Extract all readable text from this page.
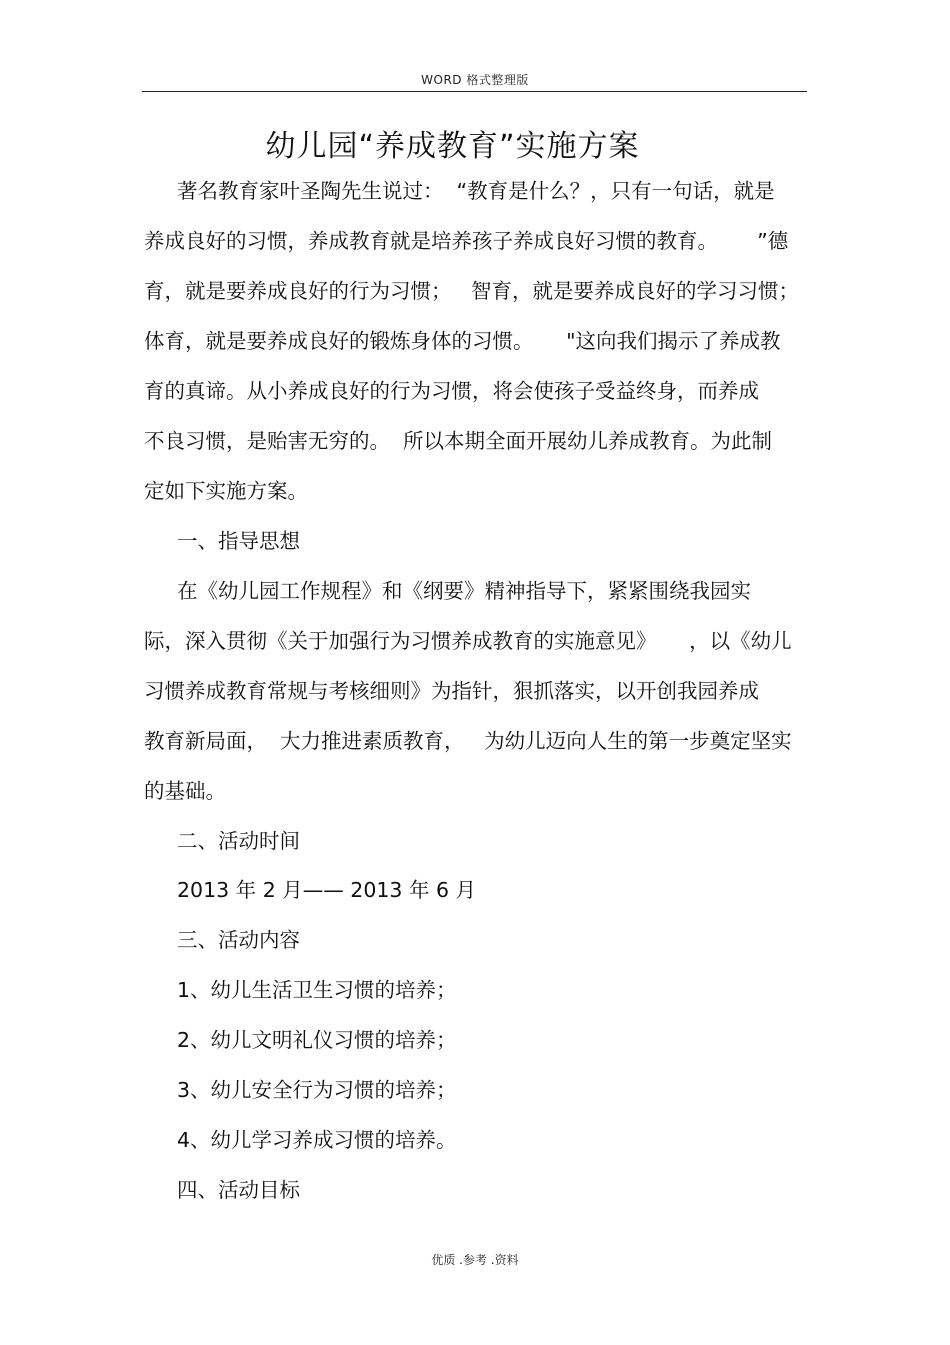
WORD 格式整理版
幼儿园“养成教育”实施方案
著名教育家叶圣陶先生说过：  “教育是什么？，只有一句话，就是
养成良好的习惯，养成教育就是培养孩子养成良好习惯的教育。      ”德
育，就是要养成良好的行为习惯；   智育，就是要养成良好的学习习惯；
体育，就是要养成良好的锻炼身体的习惯。     "这向我们揭示了养成教
育的真谛。从小养成良好的行为习惯，将会使孩子受益终身，而养成
不良习惯，是贻害无穷的。  所以本期全面开展幼儿养成教育。为此制
定如下实施方案。
一、指导思想
在《幼儿园工作规程》和《纲要》精神指导下，紧紧围绕我园实
际，深入贯彻《关于加强行为习惯养成教育的实施意见》     ，以《幼儿
习惯养成教育常规与考核细则》为指针，狠抓落实，以开创我园养成
教育新局面，  大力推进素质教育，   为幼儿迈向人生的第一步奠定坚实
的基础。
二、活动时间
2013 年 2 月—— 2013 年 6 月
三、活动内容
1、幼儿生活卫生习惯的培养；
2、幼儿文明礼仪习惯的培养；
3、幼儿安全行为习惯的培养；
4、幼儿学习养成习惯的培养。
四、活动目标
优质 .参考 .资料
